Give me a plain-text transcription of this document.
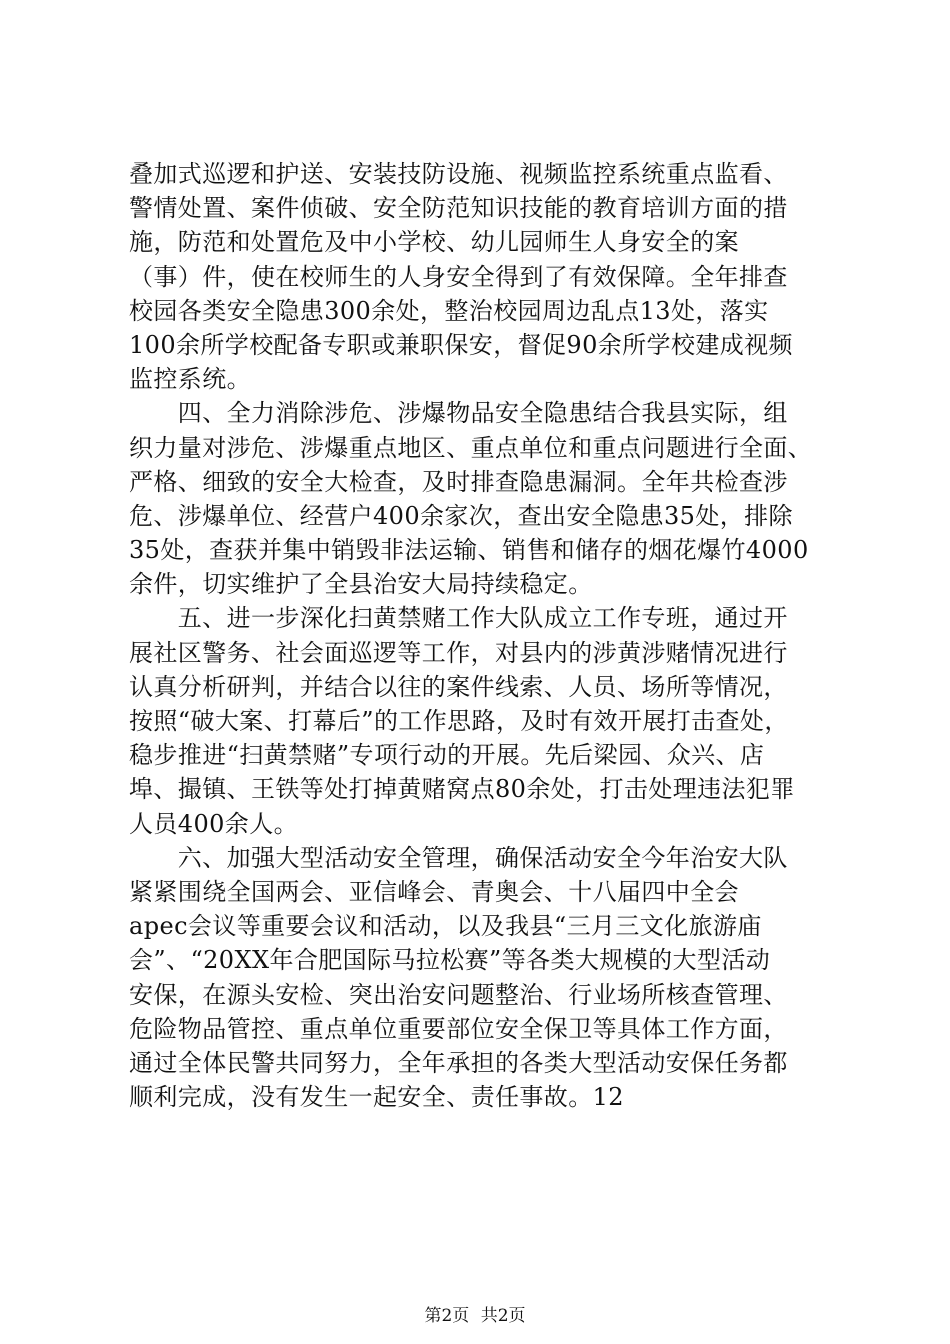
叠加式巡逻和护送、安装技防设施、视频监控系统重点监看、
警情处置、案件侦破、安全防范知识技能的教育培训方面的措
施，防范和处置危及中小学校、幼儿园师生人身安全的案
（事）件，使在校师生的人身安全得到了有效保障。全年排查
校园各类安全隐患300余处，整治校园周边乱点13处，落实
100余所学校配备专职或兼职保安，督促90余所学校建成视频
监控系统。
　　四、全力消除涉危、涉爆物品安全隐患结合我县实际，组
织力量对涉危、涉爆重点地区、重点单位和重点问题进行全面、
严格、细致的安全大检查，及时排查隐患漏洞。全年共检查涉
危、涉爆单位、经营户400余家次，查出安全隐患35处，排除
35处，查获并集中销毁非法运输、销售和储存的烟花爆竹4000
余件，切实维护了全县治安大局持续稳定。
　　五、进一步深化扫黄禁赌工作大队成立工作专班，通过开
展社区警务、社会面巡逻等工作，对县内的涉黄涉赌情况进行
认真分析研判，并结合以往的案件线索、人员、场所等情况，
按照“破大案、打幕后”的工作思路，及时有效开展打击查处，
稳步推进“扫黄禁赌”专项行动的开展。先后梁园、众兴、店
埠、撮镇、王铁等处打掉黄赌窝点80余处，打击处理违法犯罪
人员400余人。
　　六、加强大型活动安全管理，确保活动安全今年治安大队
紧紧围绕全国两会、亚信峰会、青奥会、十八届四中全会
apec会议等重要会议和活动，以及我县“三月三文化旅游庙
会”、“20XX年合肥国际马拉松赛”等各类大规模的大型活动
安保，在源头安检、突出治安问题整治、行业场所核查管理、
危险物品管控、重点单位重要部位安全保卫等具体工作方面，
通过全体民警共同努力，全年承担的各类大型活动安保任务都
顺利完成，没有发生一起安全、责任事故。12
第2页 共2页
